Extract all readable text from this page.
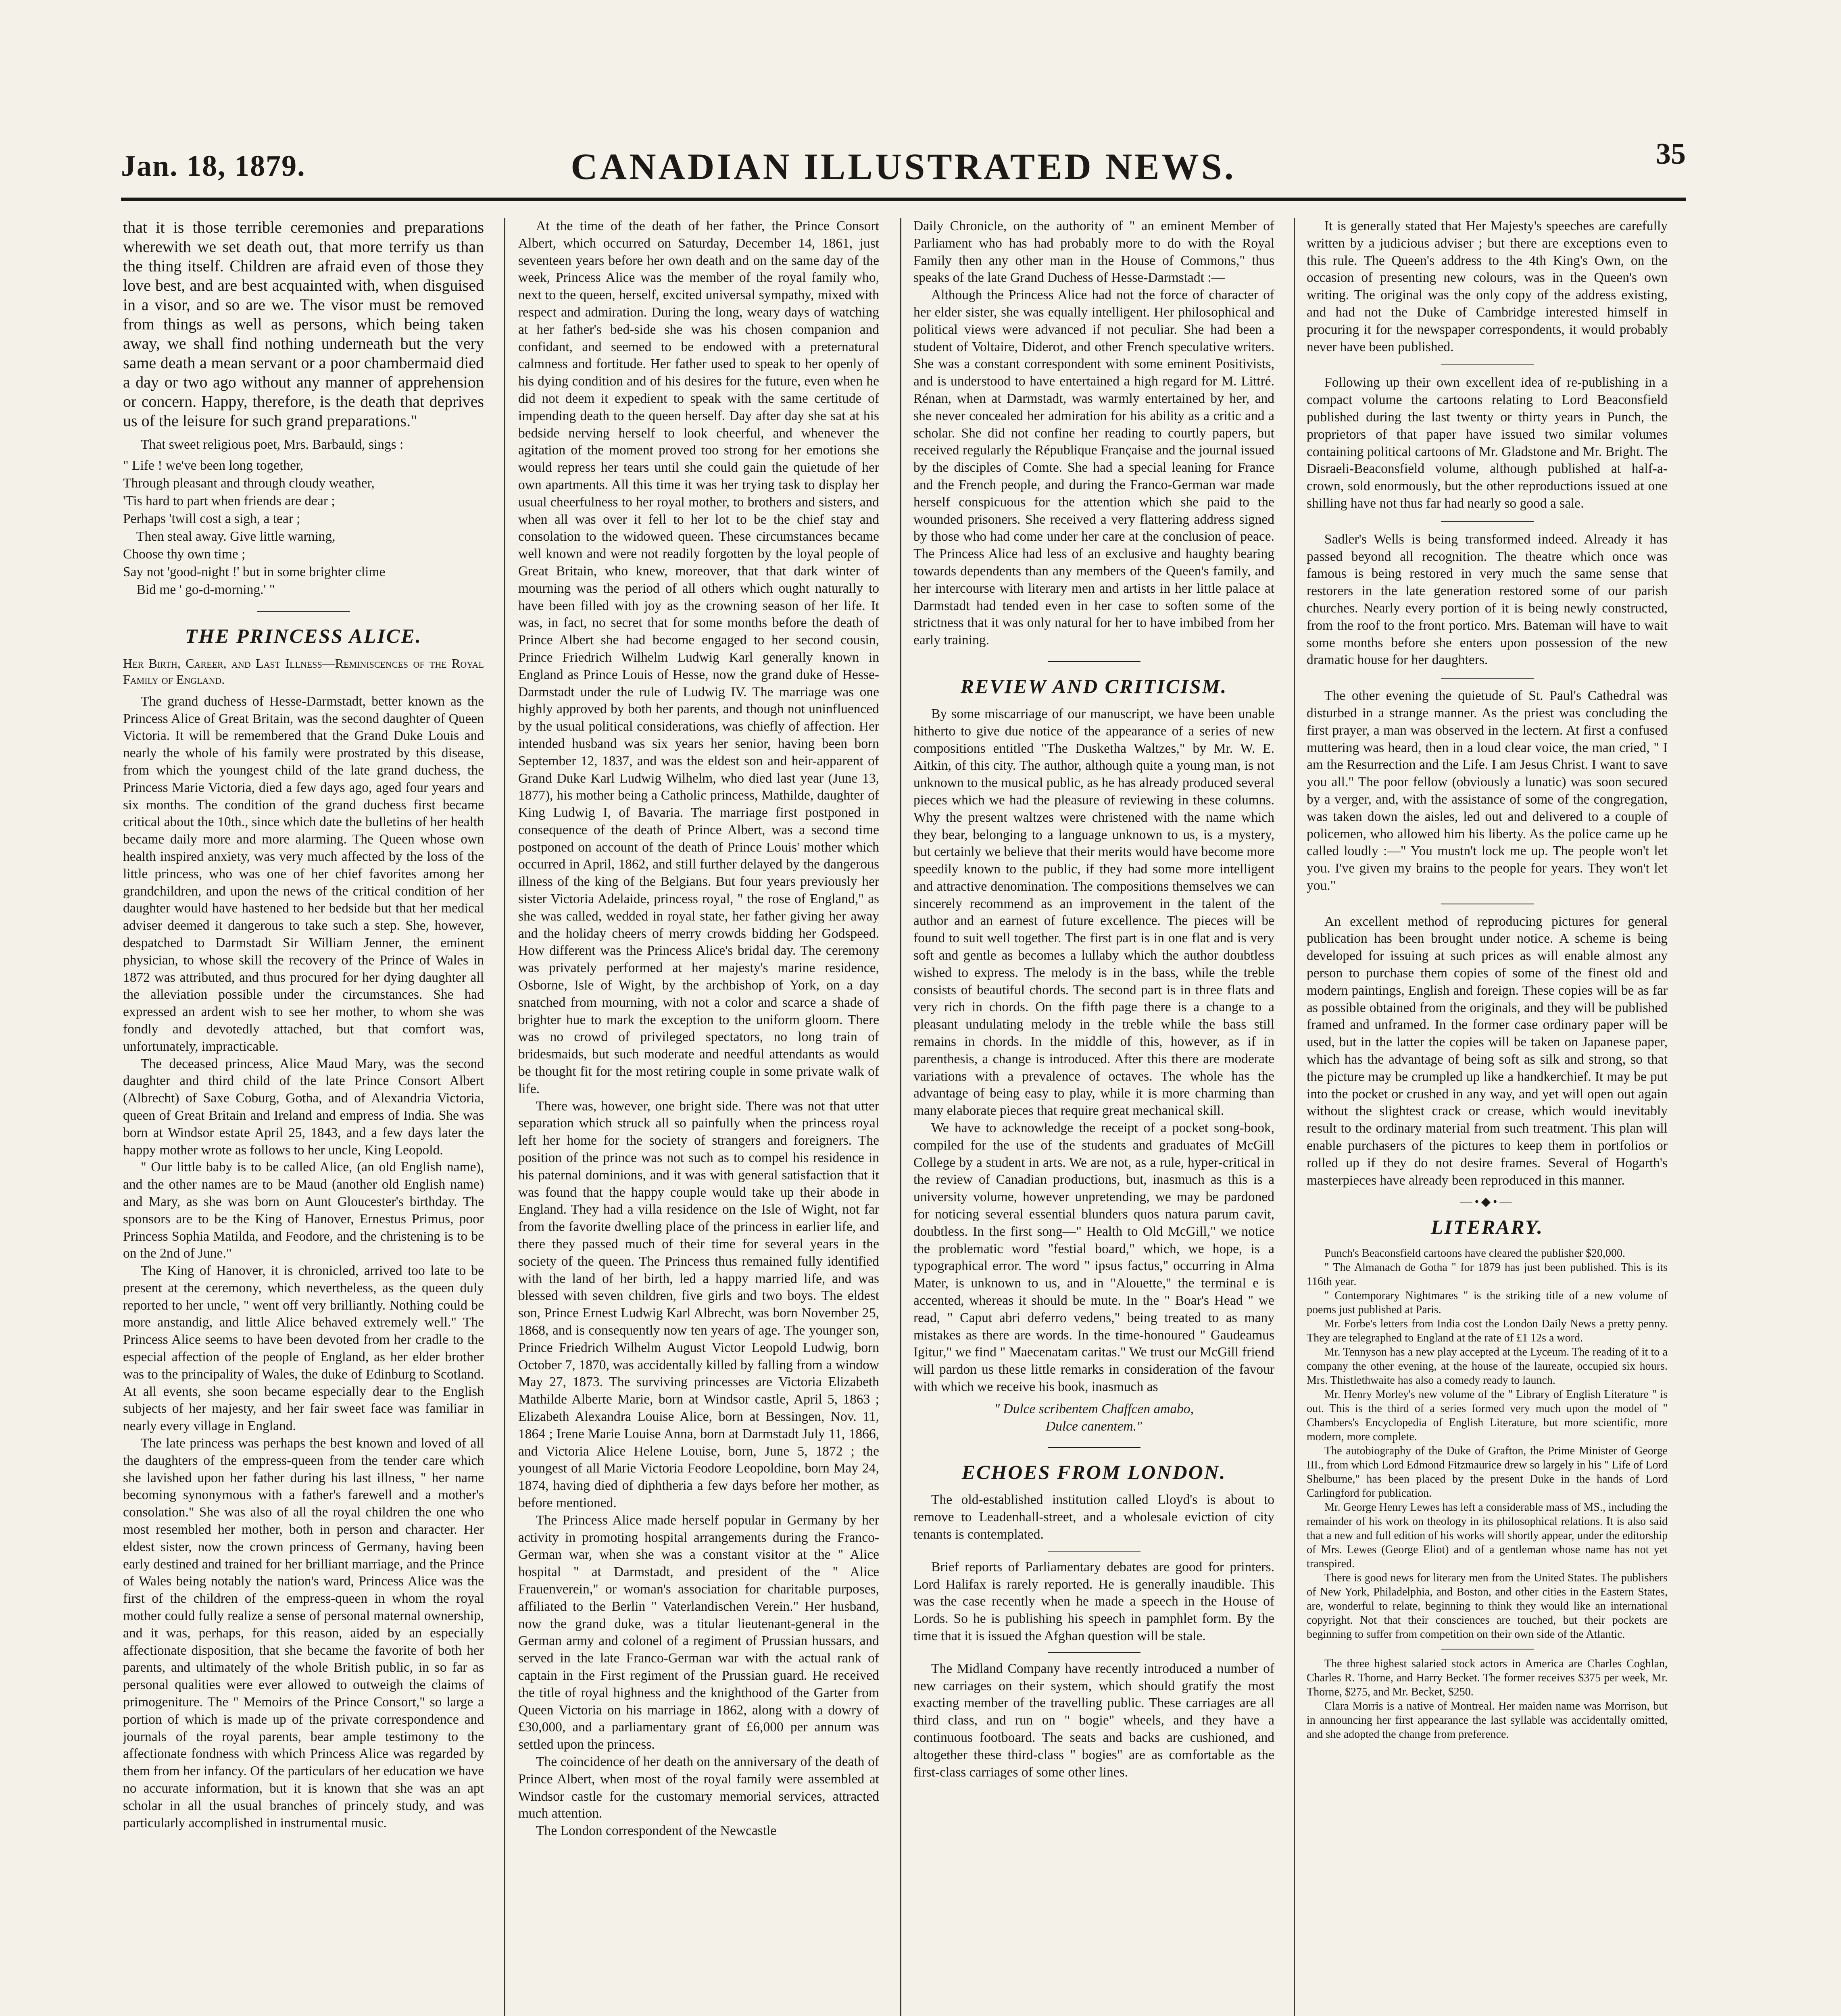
Jan. 18, 1879.	CANADIAN ILLUSTRATED NEWS.	35

that it is those terrible ceremonies and preparations wherewith we set death out, that more terrify us than the thing itself. Children are afraid even of those they love best, and are best acquainted with, when disguised in a visor, and so are we. The visor must be removed from things as well as persons, which being taken away, we shall find nothing underneath but the very same death a mean servant or a poor chambermaid died a day or two ago without any manner of apprehension or concern. Happy, therefore, is the death that deprives us of the leisure for such grand preparations."

That sweet religious poet, Mrs. Barbauld, sings :

" Life ! we've been long together,
Through pleasant and through cloudy weather,
'Tis hard to part when friends are dear ;
Perhaps 'twill cost a sigh, a tear ;
Then steal away. Give little warning,
Choose thy own time ;
Say not 'good-night !' but in some brighter clime
Bid me ' go-d-morning.' "
THE PRINCESS ALICE.
Her Birth, Career, and Last Illness—Reminiscences of the Royal Family of England.

The grand duchess of Hesse-Darmstadt, better known as the Princess Alice of Great Britain, was the second daughter of Queen Victoria. It will be remembered that the Grand Duke Louis and nearly the whole of his family were prostrated by this disease, from which the youngest child of the late grand duchess, the Princess Marie Victoria, died a few days ago, aged four years and six months. The condition of the grand duchess first became critical about the 10th., since which date the bulletins of her health became daily more and more alarming. The Queen whose own health inspired anxiety, was very much affected by the loss of the little princess, who was one of her chief favorites among her grandchildren, and upon the news of the critical condition of her daughter would have hastened to her bedside but that her medical adviser deemed it dangerous to take such a step. She, however, despatched to Darmstadt Sir William Jenner, the eminent physician, to whose skill the recovery of the Prince of Wales in 1872 was attributed, and thus procured for her dying daughter all the alleviation possible under the circumstances. She had expressed an ardent wish to see her mother, to whom she was fondly and devotedly attached, but that comfort was, unfortunately, impracticable.

The deceased princess, Alice Maud Mary, was the second daughter and third child of the late Prince Consort Albert (Albrecht) of Saxe Coburg, Gotha, and of Alexandria Victoria, queen of Great Britain and Ireland and empress of India. She was born at Windsor estate April 25, 1843, and a few days later the happy mother wrote as follows to her uncle, King Leopold.

" Our little baby is to be called Alice, (an old English name), and the other names are to be Maud (another old English name) and Mary, as she was born on Aunt Gloucester's birthday. The sponsors are to be the King of Hanover, Ernestus Primus, poor Princess Sophia Matilda, and Feodore, and the christening is to be on the 2nd of June."

The King of Hanover, it is chronicled, arrived too late to be present at the ceremony, which nevertheless, as the queen duly reported to her uncle, " went off very brilliantly. Nothing could be more anstandig, and little Alice behaved extremely well." The Princess Alice seems to have been devoted from her cradle to the especial affection of the people of England, as her elder brother was to the principality of Wales, the duke of Edinburg to Scotland. At all events, she soon became especially dear to the English subjects of her majesty, and her fair sweet face was familiar in nearly every village in England.

The late princess was perhaps the best known and loved of all the daughters of the empress-queen from the tender care which she lavished upon her father during his last illness, " her name becoming synonymous with a father's farewell and a mother's consolation." She was also of all the royal children the one who most resembled her mother, both in person and character. Her eldest sister, now the crown princess of Germany, having been early destined and trained for her brilliant marriage, and the Prince of Wales being notably the nation's ward, Princess Alice was the first of the children of the empress-queen in whom the royal mother could fully realize a sense of personal maternal ownership, and it was, perhaps, for this reason, aided by an especially affectionate disposition, that she became the favorite of both her parents, and ultimately of the whole British public, in so far as personal qualities were ever allowed to outweigh the claims of primogeniture. The " Memoirs of the Prince Consort," so large a portion of which is made up of the private correspondence and journals of the royal parents, bear ample testimony to the affectionate fondness with which Princess Alice was regarded by them from her infancy. Of the particulars of her education we have no accurate information, but it is known that she was an apt scholar in all the usual branches of princely study, and was particularly accomplished in instrumental music.

At the time of the death of her father, the Prince Consort Albert, which occurred on Saturday, December 14, 1861, just seventeen years before her own death and on the same day of the week, Princess Alice was the member of the royal family who, next to the queen, herself, excited universal sympathy, mixed with respect and admiration. During the long, weary days of watching at her father's bed-side she was his chosen companion and confidant, and seemed to be endowed with a preternatural calmness and fortitude. Her father used to speak to her openly of his dying condition and of his desires for the future, even when he did not deem it expedient to speak with the same certitude of impending death to the queen herself. Day after day she sat at his bedside nerving herself to look cheerful, and whenever the agitation of the moment proved too strong for her emotions she would repress her tears until she could gain the quietude of her own apartments. All this time it was her trying task to display her usual cheerfulness to her royal mother, to brothers and sisters, and when all was over it fell to her lot to be the chief stay and consolation to the widowed queen. These circumstances became well known and were not readily forgotten by the loyal people of Great Britain, who knew, moreover, that that dark winter of mourning was the period of all others which ought naturally to have been filled with joy as the crowning season of her life. It was, in fact, no secret that for some months before the death of Prince Albert she had become engaged to her second cousin, Prince Friedrich Wilhelm Ludwig Karl generally known in England as Prince Louis of Hesse, now the grand duke of Hesse-Darmstadt under the rule of Ludwig IV. The marriage was one highly approved by both her parents, and though not uninfluenced by the usual political considerations, was chiefly of affection. Her intended husband was six years her senior, having been born September 12, 1837, and was the eldest son and heir-apparent of Grand Duke Karl Ludwig Wilhelm, who died last year (June 13, 1877), his mother being a Catholic princess, Mathilde, daughter of King Ludwig I, of Bavaria. The marriage first postponed in consequence of the death of Prince Albert, was a second time postponed on account of the death of Prince Louis' mother which occurred in April, 1862, and still further delayed by the dangerous illness of the king of the Belgians. But four years previously her sister Victoria Adelaide, princess royal, " the rose of England," as she was called, wedded in royal state, her father giving her away and the holiday cheers of merry crowds bidding her Godspeed. How different was the Princess Alice's bridal day. The ceremony was privately performed at her majesty's marine residence, Osborne, Isle of Wight, by the archbishop of York, on a day snatched from mourning, with not a color and scarce a shade of brighter hue to mark the exception to the uniform gloom. There was no crowd of privileged spectators, no long train of bridesmaids, but such moderate and needful attendants as would be thought fit for the most retiring couple in some private walk of life.

There was, however, one bright side. There was not that utter separation which struck all so painfully when the princess royal left her home for the society of strangers and foreigners. The position of the prince was not such as to compel his residence in his paternal dominions, and it was with general satisfaction that it was found that the happy couple would take up their abode in England. They had a villa residence on the Isle of Wight, not far from the favorite dwelling place of the princess in earlier life, and there they passed much of their time for several years in the society of the queen. The Princess thus remained fully identified with the land of her birth, led a happy married life, and was blessed with seven children, five girls and two boys. The eldest son, Prince Ernest Ludwig Karl Albrecht, was born November 25, 1868, and is consequently now ten years of age. The younger son, Prince Friedrich Wilhelm August Victor Leopold Ludwig, born October 7, 1870, was accidentally killed by falling from a window May 27, 1873. The surviving princesses are Victoria Elizabeth Mathilde Alberte Marie, born at Windsor castle, April 5, 1863 ; Elizabeth Alexandra Louise Alice, born at Bessingen, Nov. 11, 1864 ; Irene Marie Louise Anna, born at Darmstadt July 11, 1866, and Victoria Alice Helene Louise, born, June 5, 1872 ; the youngest of all Marie Victoria Feodore Leopoldine, born May 24, 1874, having died of diphtheria a few days before her mother, as before mentioned.

The Princess Alice made herself popular in Germany by her activity in promoting hospital arrangements during the Franco-German war, when she was a constant visitor at the " Alice hospital " at Darmstadt, and president of the " Alice Frauenverein," or woman's association for charitable purposes, affiliated to the Berlin " Vaterlandischen Verein." Her husband, now the grand duke, was a titular lieutenant-general in the German army and colonel of a regiment of Prussian hussars, and served in the late Franco-German war with the actual rank of captain in the First regiment of the Prussian guard. He received the title of royal highness and the knighthood of the Garter from Queen Victoria on his marriage in 1862, along with a dowry of £30,000, and a parliamentary grant of £6,000 per annum was settled upon the princess.

The coincidence of her death on the anniversary of the death of Prince Albert, when most of the royal family were assembled at Windsor castle for the customary memorial services, attracted much attention.

The London correspondent of the Newcastle

Daily Chronicle, on the authority of " an eminent Member of Parliament who has had probably more to do with the Royal Family then any other man in the House of Commons," thus speaks of the late Grand Duchess of Hesse-Darmstadt :—

Although the Princess Alice had not the force of character of her elder sister, she was equally intelligent. Her philosophical and political views were advanced if not peculiar. She had been a student of Voltaire, Diderot, and other French speculative writers. She was a constant correspondent with some eminent Positivists, and is understood to have entertained a high regard for M. Littré. Rénan, when at Darmstadt, was warmly entertained by her, and she never concealed her admiration for his ability as a critic and a scholar. She did not confine her reading to courtly papers, but received regularly the République Française and the journal issued by the disciples of Comte. She had a special leaning for France and the French people, and during the Franco-German war made herself conspicuous for the attention which she paid to the wounded prisoners. She received a very flattering address signed by those who had come under her care at the conclusion of peace. The Princess Alice had less of an exclusive and haughty bearing towards dependents than any members of the Queen's family, and her intercourse with literary men and artists in her little palace at Darmstadt had tended even in her case to soften some of the strictness that it was only natural for her to have imbibed from her early training.

REVIEW AND CRITICISM.

By some miscarriage of our manuscript, we have been unable hitherto to give due notice of the appearance of a series of new compositions entitled "The Dusketha Waltzes," by Mr. W. E. Aitkin, of this city. The author, although quite a young man, is not unknown to the musical public, as he has already produced several pieces which we had the pleasure of reviewing in these columns. Why the present waltzes were christened with the name which they bear, belonging to a language unknown to us, is a mystery, but certainly we believe that their merits would have become more speedily known to the public, if they had some more intelligent and attractive denomination. The compositions themselves we can sincerely recommend as an improvement in the talent of the author and an earnest of future excellence. The pieces will be found to suit well together. The first part is in one flat and is very soft and gentle as becomes a lullaby which the author doubtless wished to express. The melody is in the bass, while the treble consists of beautiful chords. The second part is in three flats and very rich in chords. On the fifth page there is a change to a pleasant undulating melody in the treble while the bass still remains in chords. In the middle of this, however, as if in parenthesis, a change is introduced. After this there are moderate variations with a prevalence of octaves. The whole has the advantage of being easy to play, while it is more charming than many elaborate pieces that require great mechanical skill.

We have to acknowledge the receipt of a pocket song-book, compiled for the use of the students and graduates of McGill College by a student in arts. We are not, as a rule, hyper-critical in the review of Canadian productions, but, inasmuch as this is a university volume, however unpretending, we may be pardoned for noticing several essential blunders quos natura parum cavit, doubtless. In the first song—" Health to Old McGill," we notice the problematic word "festial board," which, we hope, is a typographical error. The word " ipsus factus," occurring in Alma Mater, is unknown to us, and in "Alouette," the terminal e is accented, whereas it should be mute. In the " Boar's Head " we read, " Caput abri deferro vedens," being treated to as many mistakes as there are words. In the time-honoured " Gaudeamus Igitur," we find " Maecenatam caritas." We trust our McGill friend will pardon us these little remarks in consideration of the favour with which we receive his book, inasmuch as

" Dulce scribentem Chaffcen amabo,
Dulce canentem."
ECHOES FROM LONDON.

The old-established institution called Lloyd's is about to remove to Leadenhall-street, and a wholesale eviction of city tenants is contemplated.

Brief reports of Parliamentary debates are good for printers. Lord Halifax is rarely reported. He is generally inaudible. This was the case recently when he made a speech in the House of Lords. So he is publishing his speech in pamphlet form. By the time that it is issued the Afghan question will be stale.

The Midland Company have recently introduced a number of new carriages on their system, which should gratify the most exacting member of the travelling public. These carriages are all third class, and run on " bogie" wheels, and they have a continuous footboard. The seats and backs are cushioned, and altogether these third-class " bogies" are as comfortable as the first-class carriages of some other lines.

It is generally stated that Her Majesty's speeches are carefully written by a judicious adviser ; but there are exceptions even to this rule. The Queen's address to the 4th King's Own, on the occasion of presenting new colours, was in the Queen's own writing. The original was the only copy of the address existing, and had not the Duke of Cambridge interested himself in procuring it for the newspaper correspondents, it would probably never have been published.

Following up their own excellent idea of re-publishing in a compact volume the cartoons relating to Lord Beaconsfield published during the last twenty or thirty years in Punch, the proprietors of that paper have issued two similar volumes containing political cartoons of Mr. Gladstone and Mr. Bright. The Disraeli-Beaconsfield volume, although published at half-a-crown, sold enormously, but the other reproductions issued at one shilling have not thus far had nearly so good a sale.

Sadler's Wells is being transformed indeed. Already it has passed beyond all recognition. The theatre which once was famous is being restored in very much the same sense that restorers in the late generation restored some of our parish churches. Nearly every portion of it is being newly constructed, from the roof to the front portico. Mrs. Bateman will have to wait some months before she enters upon possession of the new dramatic house for her daughters.

The other evening the quietude of St. Paul's Cathedral was disturbed in a strange manner. As the priest was concluding the first prayer, a man was observed in the lectern. At first a confused muttering was heard, then in a loud clear voice, the man cried, " I am the Resurrection and the Life. I am Jesus Christ. I want to save you all." The poor fellow (obviously a lunatic) was soon secured by a verger, and, with the assistance of some of the congregation, was taken down the aisles, led out and delivered to a couple of policemen, who allowed him his liberty. As the police came up he called loudly :—" You mustn't lock me up. The people won't let you. I've given my brains to the people for years. They won't let you."

An excellent method of reproducing pictures for general publication has been brought under notice. A scheme is being developed for issuing at such prices as will enable almost any person to purchase them copies of some of the finest old and modern paintings, English and foreign. These copies will be as far as possible obtained from the originals, and they will be published framed and unframed. In the former case ordinary paper will be used, but in the latter the copies will be taken on Japanese paper, which has the advantage of being soft as silk and strong, so that the picture may be crumpled up like a handkerchief. It may be put into the pocket or crushed in any way, and yet will open out again without the slightest crack or crease, which would inevitably result to the ordinary material from such treatment. This plan will enable purchasers of the pictures to keep them in portfolios or rolled up if they do not desire frames. Several of Hogarth's masterpieces have already been reproduced in this manner.

—•◆•—
LITERARY.

Punch's Beaconsfield cartoons have cleared the publisher $20,000.

" The Almanach de Gotha " for 1879 has just been published. This is its 116th year.

" Contemporary Nightmares " is the striking title of a new volume of poems just published at Paris.

Mr. Forbe's letters from India cost the London Daily News a pretty penny. They are telegraphed to England at the rate of £1 12s a word.

Mr. Tennyson has a new play accepted at the Lyceum. The reading of it to a company the other evening, at the house of the laureate, occupied six hours. Mrs. Thistlethwaite has also a comedy ready to launch.

Mr. Henry Morley's new volume of the " Library of English Literature " is out. This is the third of a series formed very much upon the model of " Chambers's Encyclopedia of English Literature, but more scientific, more modern, more complete.

The autobiography of the Duke of Grafton, the Prime Minister of George III., from which Lord Edmond Fitzmaurice drew so largely in his " Life of Lord Shelburne," has been placed by the present Duke in the hands of Lord Carlingford for publication.

Mr. George Henry Lewes has left a considerable mass of MS., including the remainder of his work on theology in its philosophical relations. It is also said that a new and full edition of his works will shortly appear, under the editorship of Mrs. Lewes (George Eliot) and of a gentleman whose name has not yet transpired.

There is good news for literary men from the United States. The publishers of New York, Philadelphia, and Boston, and other cities in the Eastern States, are, wonderful to relate, beginning to think they would like an international copyright. Not that their consciences are touched, but their pockets are beginning to suffer from competition on their own side of the Atlantic.

The three highest salaried stock actors in America are Charles Coghlan, Charles R. Thorne, and Harry Becket. The former receives $375 per week, Mr. Thorne, $275, and Mr. Becket, $250.

Clara Morris is a native of Montreal. Her maiden name was Morrison, but in announcing her first appearance the last syllable was accidentally omitted, and she adopted the change from preference.
